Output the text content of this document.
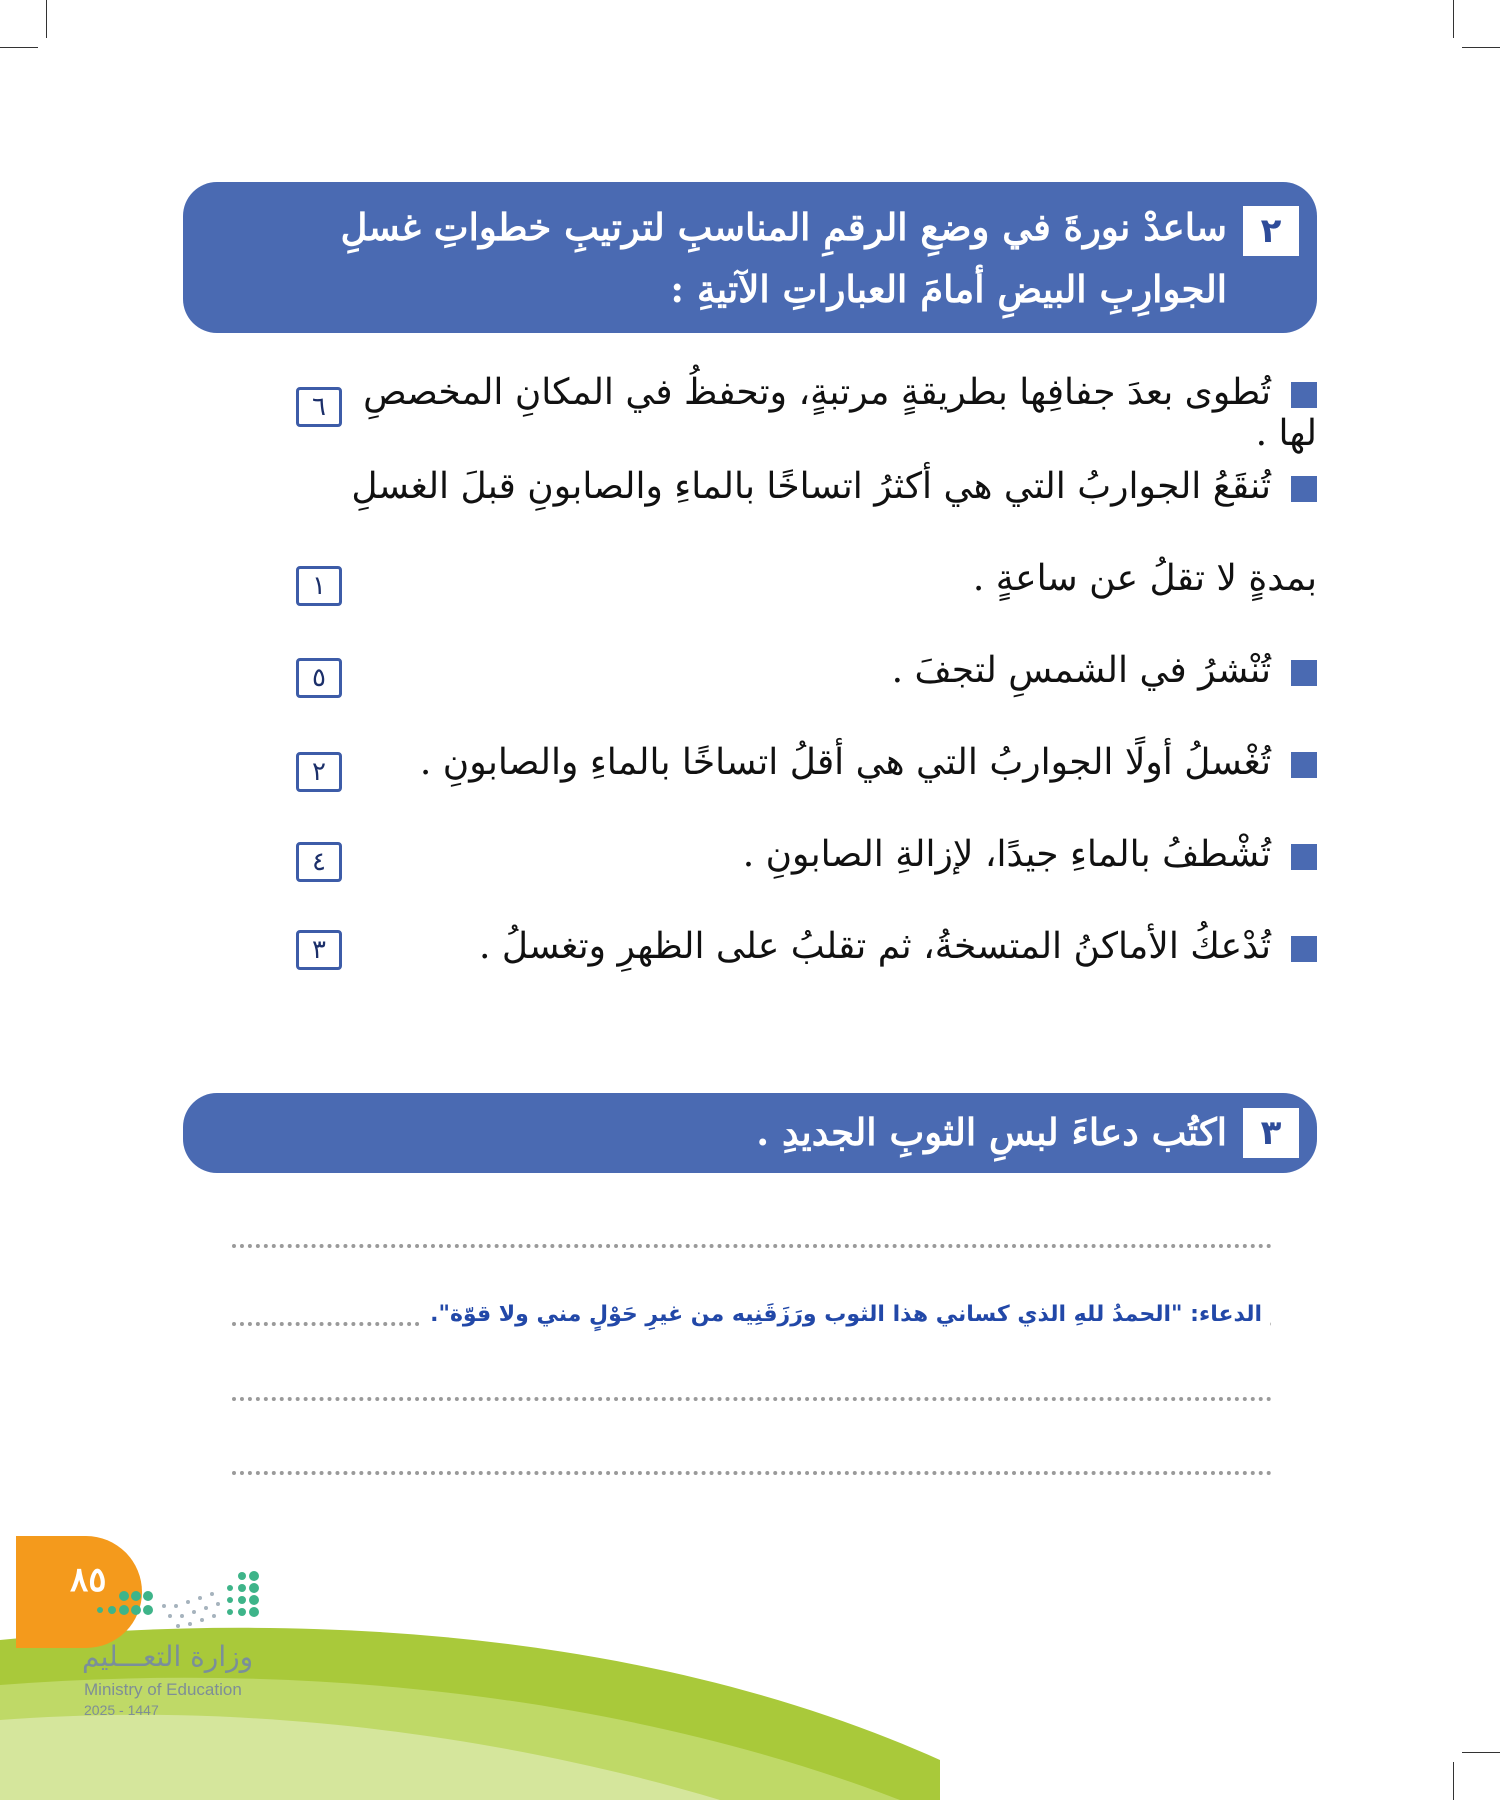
٢
ساعدْ نورةَ في وضعِ الرقمِ المناسبِ لترتيبِ خطواتِ غسلِ الجوارِبِ البيضِ أمامَ العباراتِ الآتيةِ :
تُطوى بعدَ جفافِها بطريقةٍ مرتبةٍ، وتحفظُ في المكانِ المخصصِ لها .
٦
تُنقَعُ الجواربُ التي هي أكثرُ اتساخًا بالماءِ والصابونِ قبلَ الغسلِ
بمدةٍ لا تقلُ عن ساعةٍ .
١
تُنْشرُ في الشمسِ لتجفَ .
٥
تُغْسلُ أولًا الجواربُ التي هي أقلُ اتساخًا بالماءِ والصابونِ .
٢
تُشْطفُ بالماءِ جيدًا، لإزالةِ الصابونِ .
٤
تُدْعكُ الأماكنُ المتسخةُ، ثم تقلبُ على الظهرِ وتغسلُ .
٣
٣
اكتُب دعاءَ لبسِ الثوبِ الجديدِ .
الدعاء: "الحمدُ للهِ الذي كساني هذا الثوب ورَزَقَنِيه من غيرِ حَوْلٍ مني ولا قوّة".
٨٥
وزارة التعـــليم
Ministry of Education
2025 - 1447
